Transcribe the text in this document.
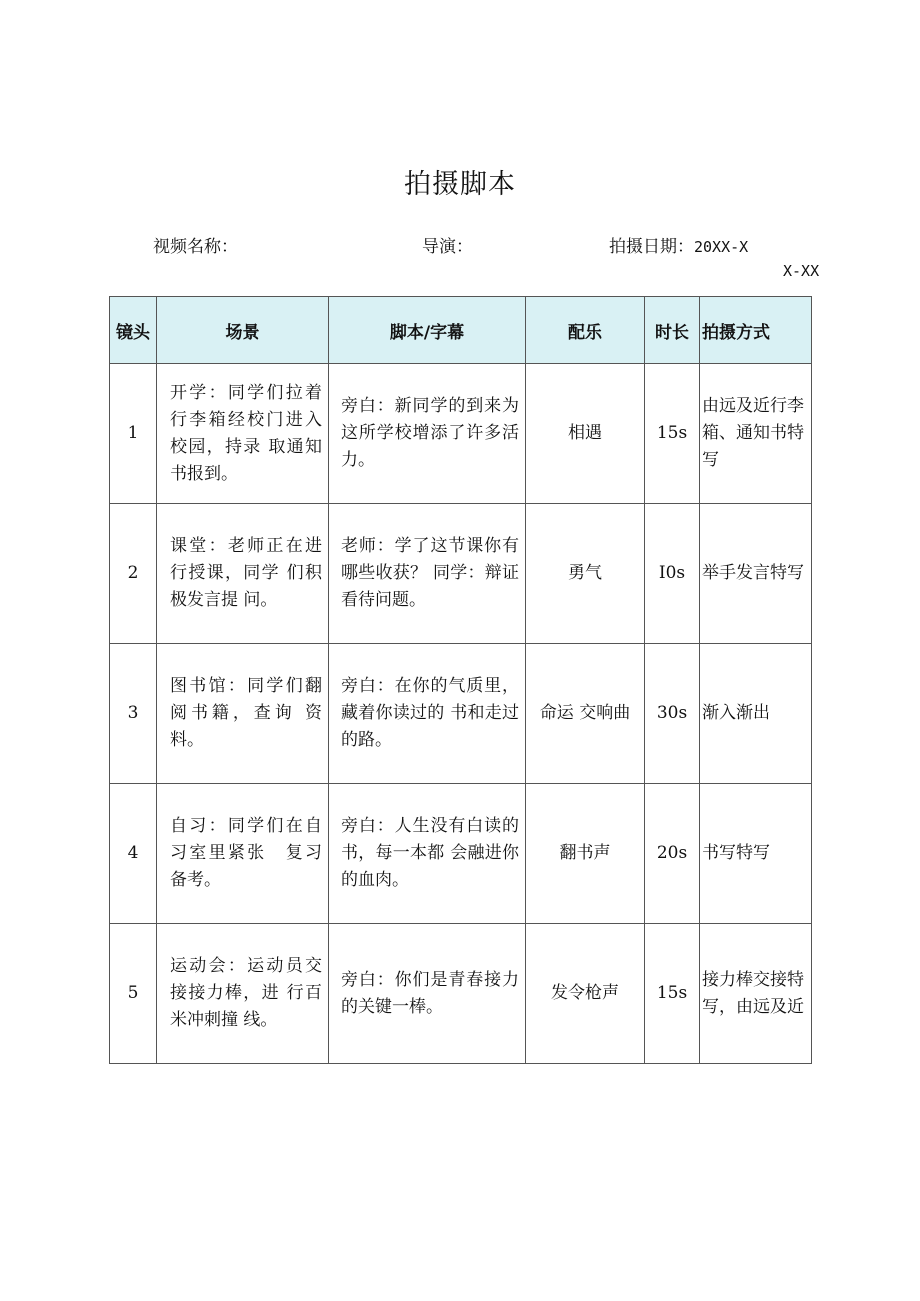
拍摄脚本
视频名称：	导演：	拍摄日期：20XX-X
X-XX
镜头	场景	脚本/字幕	配乐	时长	拍摄方式
1	开学：同学们拉着行李箱经校门进入校园，持录 取通知书报到。	旁白：新同学的到来为这所学校增添了许多活力。	相遇	15s	由远及近行李箱、通知书特写
2	课堂：老师正在进行授课，同学 们积极发言提 问。	老师：学了这节课你有哪些收获？ 同学：辩证看待问题。	勇气	I0s	举手发言特写
3	图书馆：同学们翻阅书籍，查询 资料。	旁白：在你的气质里，藏着你读过的 书和走过的路。	命运 交响曲	30s	渐入渐出
4	自习：同学们在自习室里紧张　复习备考。	旁白：人生没有白读的书，每一本都 会融进你的血肉。	翻书声	20s	书写特写
5	运动会：运动员交接接力棒，进 行百米冲刺撞 线。	旁白：你们是青春接力的关键一棒。	发令枪声	15s	接力棒交接特写，由远及近
